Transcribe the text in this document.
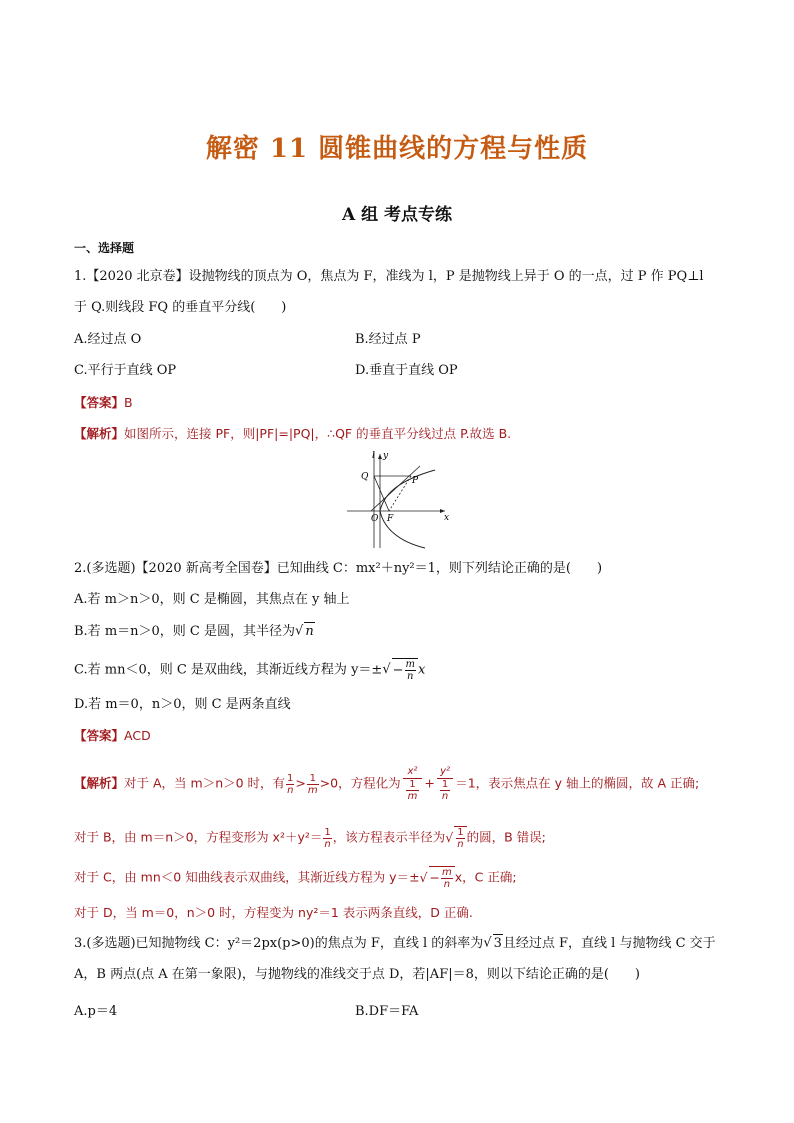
解密 11 圆锥曲线的方程与性质
A 组 考点专练
一、选择题
1.【2020 北京卷】设抛物线的顶点为 O，焦点为 F，准线为 l，P 是抛物线上异于 O 的一点，过 P 作 PQ⊥l
于 Q.则线段 FQ 的垂直平分线(　　)
A.经过点 O	B.经过点 P
C.平行于直线 OP	D.垂直于直线 OP
【答案】B
【解析】如图所示，连接 PF，则|PF|=|PQ|，∴QF 的垂直平分线过点 P.故选 B.
l y
Q	P
O F	x
2.(多选题)【2020 新高考全国卷】已知曲线 C：mx²＋ny²＝1，则下列结论正确的是(　　)
A.若 m＞n＞0，则 C 是椭圆，其焦点在 y 轴上
B.若 m＝n＞0，则 C 是圆，其半径为√ n
C.若 mn＜0，则 C 是双曲线，其渐近线方程为 $y=\pm√ - \frac{m}{n}$ x
D.若 m＝0，n＞0，则 C 是两条直线
【答案】ACD
【解析】对于 A，当 m＞n＞0 时，有 $\frac{1}{n} > \frac{1}{m} >0$，方程化为 $\frac{\text{x²}}{\frac{1}{m}} + \frac{\text{y²}}{\frac{1}{n}} =1$，表示焦点在 y 轴上的椭圆，故 A 正确;
对于 B，由 m＝n＞0，方程变形为 $x^2+y^2= \frac{1}{n}$ ，该方程表示半径为√ $\frac{1}{n}$ 的圆，B 错误;
对于 C，由 mn＜0 知曲线表示双曲线，其渐近线方程为 $y=\pm√ - \frac{m}{n}$ x，C 正确;
对于 D，当 m＝0，n＞0 时，方程变为 ny²＝1 表示两条直线，D 正确.
3.(多选题)已知抛物线 C：y²＝2px(p>0)的焦点为 F，直线 l 的斜率为√ 3且经过点 F，直线 l 与抛物线 C 交于
A，B 两点(点 A 在第一象限)，与抛物线的准线交于点 D，若|AF|＝8，则以下结论正确的是(　　)
A.p＝4	B.DF＝FA
